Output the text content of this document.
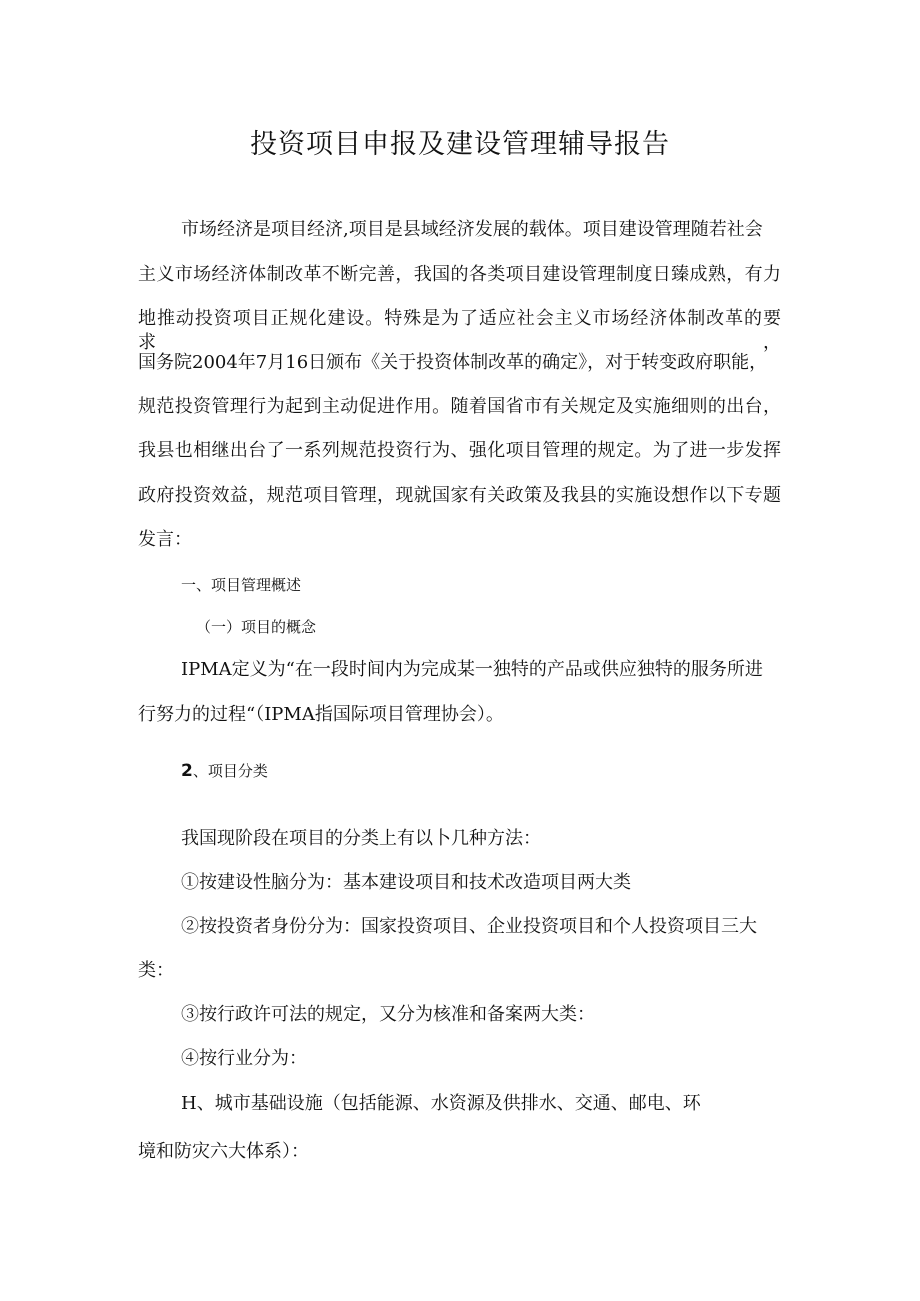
投资项目申报及建设管理辅导报告
市场经济是项目经济,项目是县域经济发展的载体。项目建设管理随若社会
主义市场经济体制改革不断完善，我国的各类项目建设管理制度日臻成熟，有力
地推动投资项目正规化建设。特殊是为了适应社会主义市场经济体制改革的要求，
国务院2004年7月16日颁布《关于投资体制改革的确定》，对于转变政府职能，
规范投资管理行为起到主动促进作用。随着国省市有关规定及实施细则的出台，
我县也相继出台了一系列规范投资行为、强化项目管理的规定。为了进一步发挥
政府投资效益，规范项目管理，现就国家有关政策及我县的实施设想作以下专题
发言：
一、项目管理概述
（一）项目的概念
IPMA定义为“在一段时间内为完成某一独特的产品或供应独特的服务所进
行努力的过程“（IPMA指国际项目管理协会）。
2、项目分类
我国现阶段在项目的分类上有以卜几种方法：
①按建设性脑分为：基本建设项目和技术改造项目两大类
②按投资者身份分为：国家投资项目、企业投资项目和个人投资项目三大
类：
③按行政许可法的规定，又分为核准和备案两大类：
④按行业分为：
H、城市基础设施（包括能源、水资源及供排水、交通、邮电、环
境和防灾六大体系）：
